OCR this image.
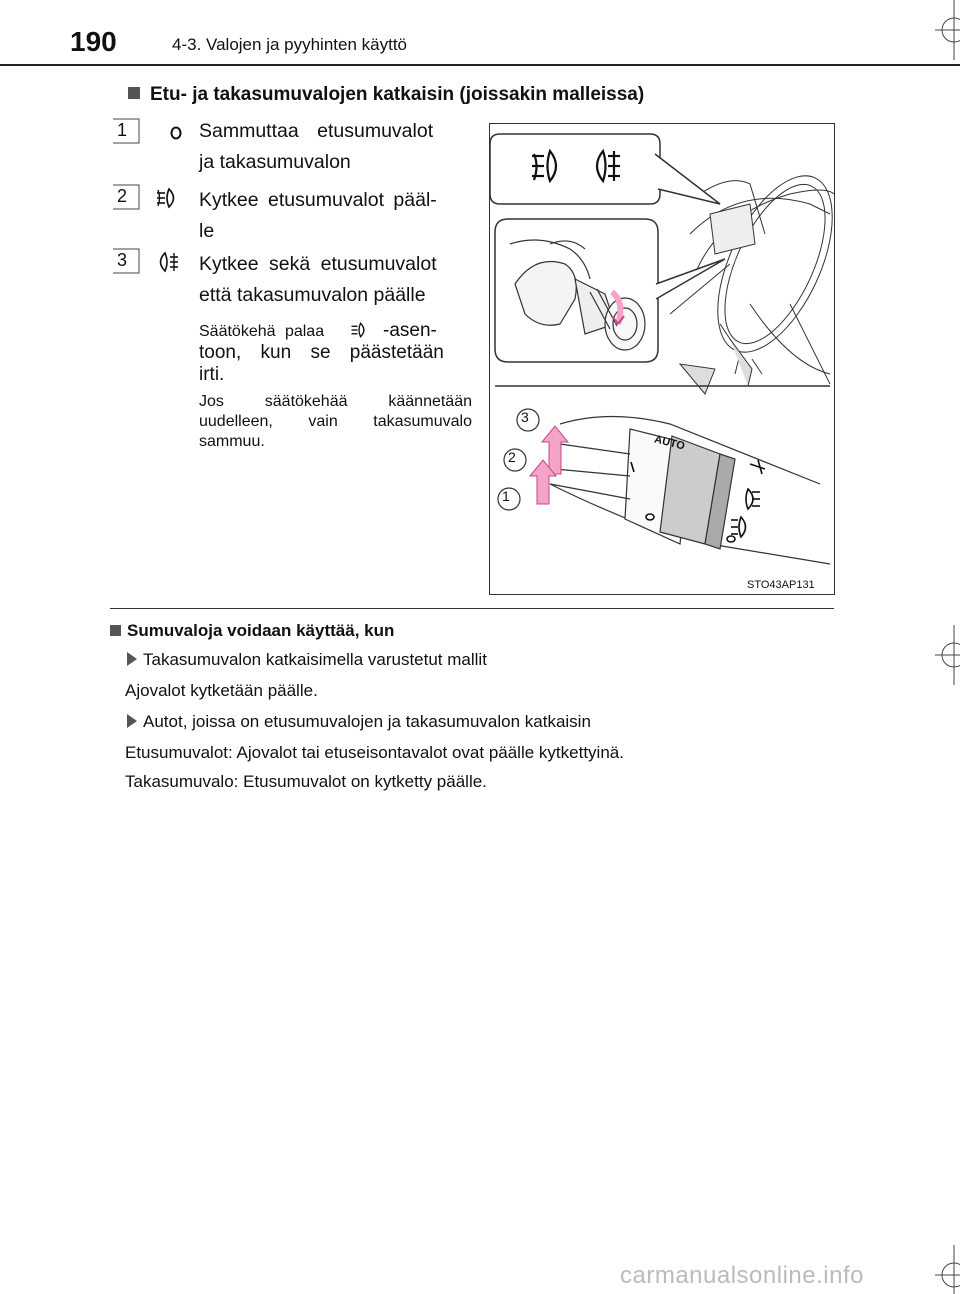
190	4-3. Valojen ja pyyhinten käyttö
Etu- ja takasumuvalojen katkaisin (joissakin malleissa)
1	Sammuttaa etusumuvalot
ja takasumuvalon
2	Kytkee etusumuvalot pääl-
le
3	Kytkee sekä etusumuvalot
että takasumuvalon päälle
Säätökehä palaa	-asen-
toon, kun se päästetään
irti.
Jos säätökehää käännetään uudelleen, vain takasumuvalo sammuu.
3
2
1
AUTO
STO43AP131
Sumuvaloja voidaan käyttää, kun
Takasumuvalon katkaisimella varustetut mallit
Ajovalot kytketään päälle.
Autot, joissa on etusumuvalojen ja takasumuvalon katkaisin
Etusumuvalot: Ajovalot tai etuseisontavalot ovat päälle kytkettyinä.
Takasumuvalo: Etusumuvalot on kytketty päälle.
carmanualsonline.info
